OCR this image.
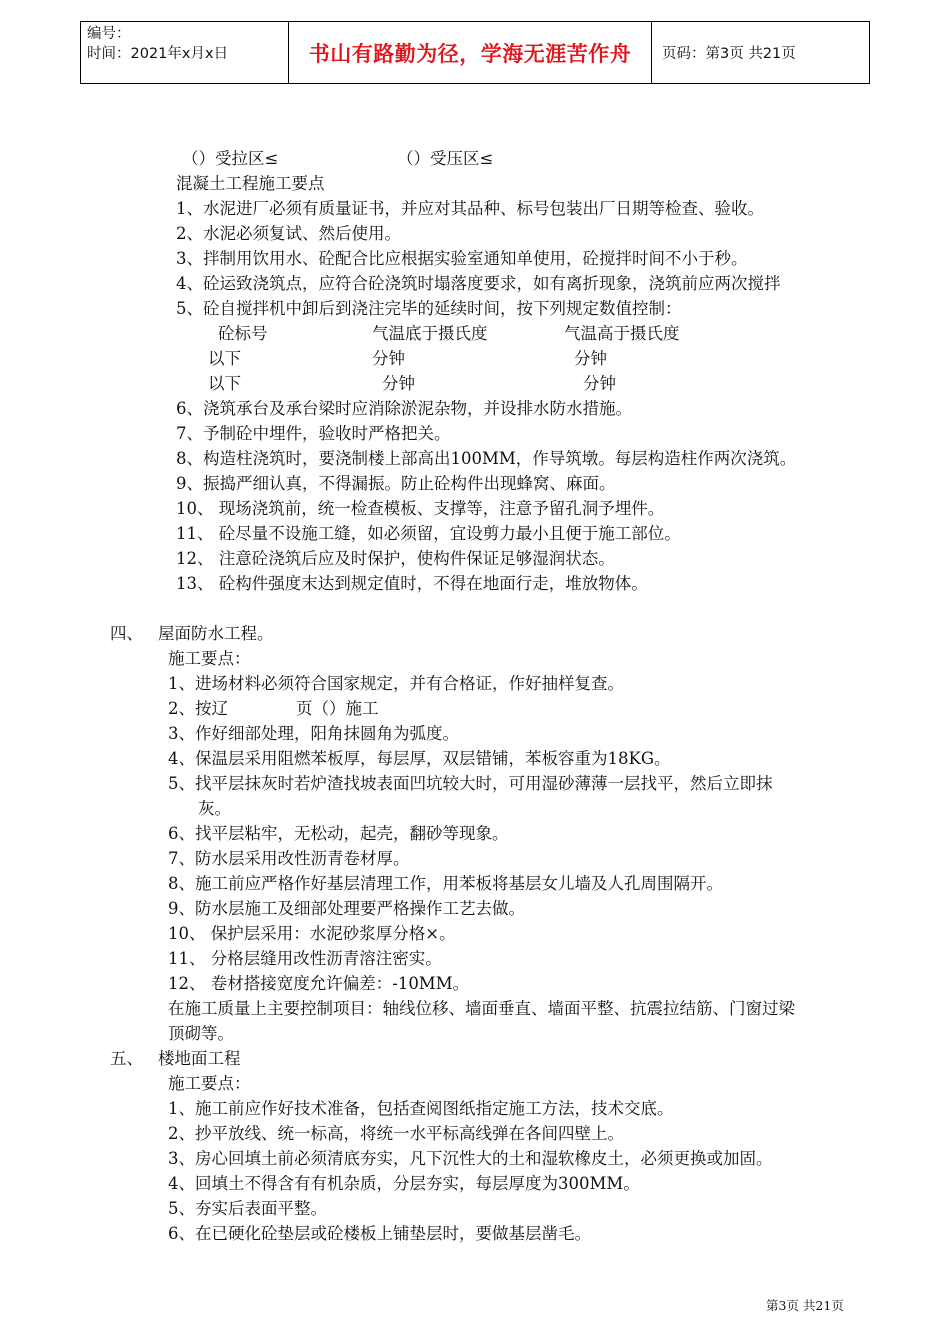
编号：
时间：2021年x月x日	书山有路勤为径，学海无涯苦作舟	页码：第3页 共21页
（）受拉区≤	（）受压区≤
混凝土工程施工要点
1、水泥进厂必须有质量证书，并应对其品种、标号包装出厂日期等检查、验收。
2、水泥必须复试、然后使用。
3、拌制用饮用水、砼配合比应根据实验室通知单使用，砼搅拌时间不小于秒。
4、砼运致浇筑点，应符合砼浇筑时塌落度要求，如有离折现象，浇筑前应两次搅拌
5、砼自搅拌机中卸后到浇注完毕的延续时间，按下列规定数值控制：
砼标号	气温底于摄氏度	气温高于摄氏度
以下	分钟	分钟
以下	分钟	分钟
6、浇筑承台及承台梁时应消除淤泥杂物，并设排水防水措施。
7、予制砼中埋件，验收时严格把关。
8、构造柱浇筑时，要浇制楼上部高出100MM，作导筑墩。每层构造柱作两次浇筑。
9、振捣严细认真，不得漏振。防止砼构件出现蜂窝、麻面。
10、 现场浇筑前，统一检查模板、支撑等，注意予留孔洞予埋件。
11、 砼尽量不设施工缝，如必须留，宜设剪力最小且便于施工部位。
12、 注意砼浇筑后应及时保护，使构件保证足够湿润状态。
13、 砼构件强度末达到规定值时，不得在地面行走，堆放物体。
四、 屋面防水工程。
施工要点：
1、进场材料必须符合国家规定，并有合格证，作好抽样复查。
2、按辽	页（）施工
3、作好细部处理，阳角抹圆角为弧度。
4、保温层采用阻燃苯板厚，每层厚，双层错铺，苯板容重为18KG。
5、找平层抹灰时若炉渣找坡表面凹坑较大时，可用湿砂薄薄一层找平，然后立即抹
灰。
6、找平层粘牢，无松动，起壳，翻砂等现象。
7、防水层采用改性沥青卷材厚。
8、施工前应严格作好基层清理工作，用苯板将基层女儿墙及人孔周围隔开。
9、防水层施工及细部处理要严格操作工艺去做。
10、 保护层采用：水泥砂浆厚分格×。
11、 分格层缝用改性沥青溶注密实。
12、 卷材搭接宽度允许偏差：-10MM。
在施工质量上主要控制项目：轴线位移、墙面垂直、墙面平整、抗震拉结筋、门窗过梁
顶砌等。
五、 楼地面工程
施工要点：
1、施工前应作好技术准备，包括查阅图纸指定施工方法，技术交底。
2、抄平放线、统一标高，将统一水平标高线弹在各间四壁上。
3、房心回填土前必须清底夯实，凡下沉性大的土和湿软橡皮土，必须更换或加固。
4、回填土不得含有有机杂质，分层夯实，每层厚度为300MM。
5、夯实后表面平整。
6、在已硬化砼垫层或砼楼板上铺垫层时，要做基层凿毛。
第3页 共21页
